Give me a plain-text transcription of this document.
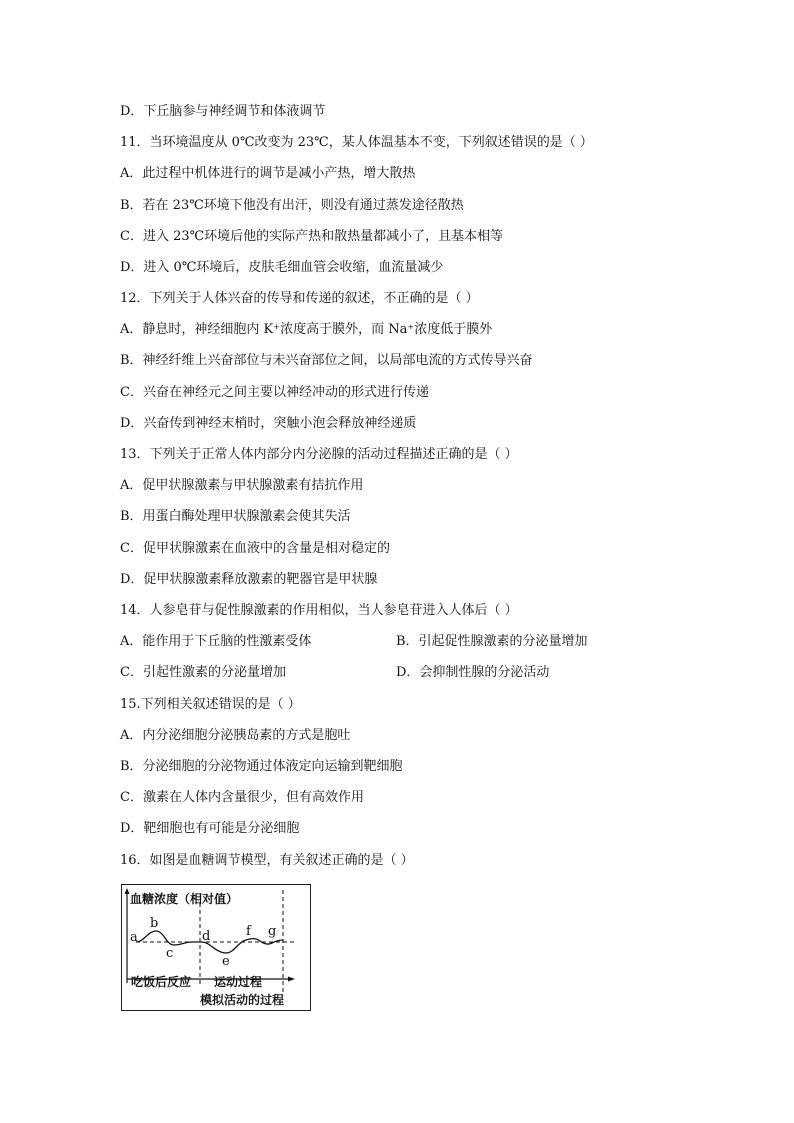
D．下丘脑参与神经调节和体液调节
11．当环境温度从 0℃改变为 23℃，某人体温基本不变，下列叙述错误的是（ ）
A．此过程中机体进行的调节是减小产热，增大散热
B．若在 23℃环境下他没有出汗，则没有通过蒸发途径散热
C．进入 23℃环境后他的实际产热和散热量都减小了，且基本相等
D．进入 0℃环境后，皮肤毛细血管会收缩，血流量减少
12．下列关于人体兴奋的传导和传递的叙述，不正确的是（ ）
A．静息时，神经细胞内 K⁺浓度高于膜外，而 Na⁺浓度低于膜外
B．神经纤维上兴奋部位与未兴奋部位之间，以局部电流的方式传导兴奋
C．兴奋在神经元之间主要以神经冲动的形式进行传递
D．兴奋传到神经末梢时，突触小泡会释放神经递质
13．下列关于正常人体内部分内分泌腺的活动过程描述正确的是（ ）
A．促甲状腺激素与甲状腺激素有拮抗作用
B．用蛋白酶处理甲状腺激素会使其失活
C．促甲状腺激素在血液中的含量是相对稳定的
D．促甲状腺激素释放激素的靶器官是甲状腺
14．人参皂苷与促性腺激素的作用相似，当人参皂苷进入人体后（ ）
A．能作用于下丘脑的性激素受体	B．引起促性腺激素的分泌量增加
C．引起性激素的分泌量增加	D．会抑制性腺的分泌活动
15.下列相关叙述错误的是（ ）
A．内分泌细胞分泌胰岛素的方式是胞吐
B．分泌细胞的分泌物通过体液定向运输到靶细胞
C．激素在人体内含量很少，但有高效作用
D．靶细胞也有可能是分泌细胞
16．如图是血糖调节模型，有关叙述正确的是（ ）
a
b
c
d
e
f g
血糖浓度（相对值）
吃饭后反应 运动过程
模拟活动的过程
